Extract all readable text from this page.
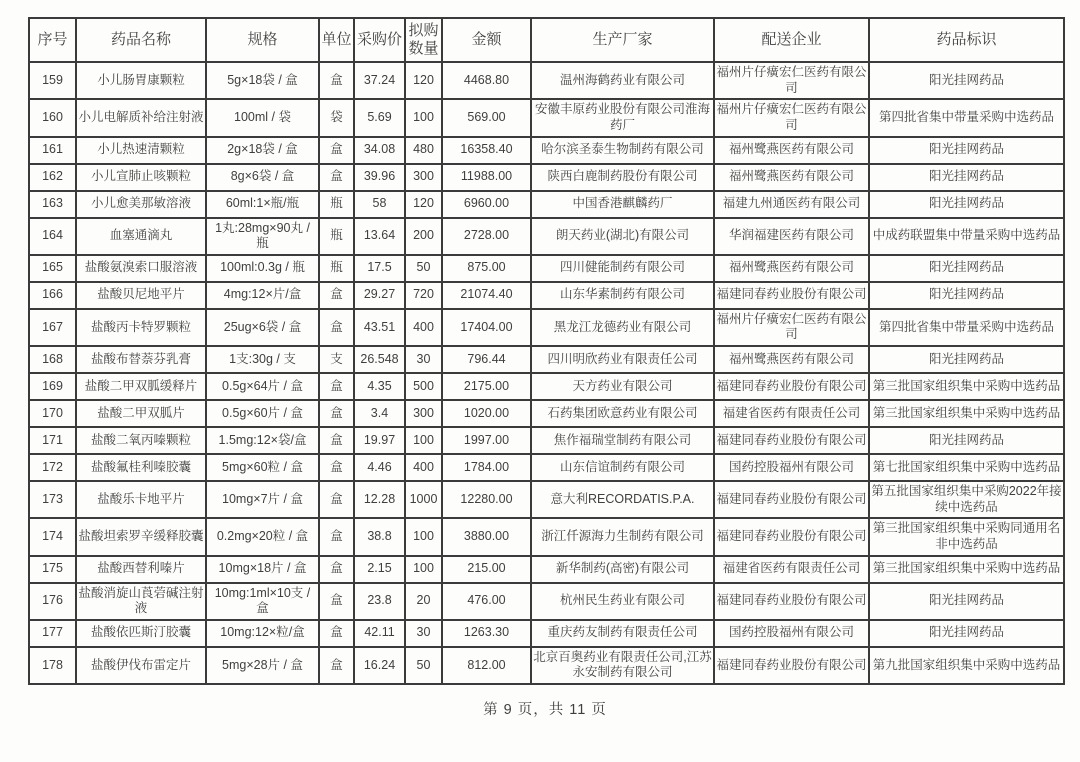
序号	药品名称	规格	单位	采购价	拟购数量	金额	生产厂家	配送企业	药品标识
159	小儿肠胃康颗粒	5g×18袋 / 盒	盒	37.24	120	4468.80	温州海鹤药业有限公司	福州片仔癀宏仁医药有限公司	阳光挂网药品
160	小儿电解质补给注射液	100ml / 袋	袋	5.69	100	569.00	安徽丰原药业股份有限公司淮海药厂	福州片仔癀宏仁医药有限公司	第四批省集中带量采购中选药品
161	小儿热速清颗粒	2g×18袋 / 盒	盒	34.08	480	16358.40	哈尔滨圣泰生物制药有限公司	福州鹭燕医药有限公司	阳光挂网药品
162	小儿宣肺止咳颗粒	8g×6袋 / 盒	盒	39.96	300	11988.00	陕西白鹿制药股份有限公司	福州鹭燕医药有限公司	阳光挂网药品
163	小儿愈美那敏溶液	60ml:1×瓶/瓶	瓶	58	120	6960.00	中国香港麒麟药厂	福建九州通医药有限公司	阳光挂网药品
164	血塞通滴丸	1丸:28mg×90丸 / 瓶	瓶	13.64	200	2728.00	朗天药业(湖北)有限公司	华润福建医药有限公司	中成药联盟集中带量采购中选药品
165	盐酸氨溴索口服溶液	100ml:0.3g / 瓶	瓶	17.5	50	875.00	四川健能制药有限公司	福州鹭燕医药有限公司	阳光挂网药品
166	盐酸贝尼地平片	4mg:12×片/盒	盒	29.27	720	21074.40	山东华素制药有限公司	福建同春药业股份有限公司	阳光挂网药品
167	盐酸丙卡特罗颗粒	25ug×6袋 / 盒	盒	43.51	400	17404.00	黑龙江龙德药业有限公司	福州片仔癀宏仁医药有限公司	第四批省集中带量采购中选药品
168	盐酸布替萘芬乳膏	1支:30g / 支	支	26.548	30	796.44	四川明欣药业有限责任公司	福州鹭燕医药有限公司	阳光挂网药品
169	盐酸二甲双胍缓释片	0.5g×64片 / 盒	盒	4.35	500	2175.00	天方药业有限公司	福建同春药业股份有限公司	第三批国家组织集中采购中选药品
170	盐酸二甲双胍片	0.5g×60片 / 盒	盒	3.4	300	1020.00	石药集团欧意药业有限公司	福建省医药有限责任公司	第三批国家组织集中采购中选药品
171	盐酸二氧丙嗪颗粒	1.5mg:12×袋/盒	盒	19.97	100	1997.00	焦作福瑞堂制药有限公司	福建同春药业股份有限公司	阳光挂网药品
172	盐酸氟桂利嗪胶囊	5mg×60粒 / 盒	盒	4.46	400	1784.00	山东信谊制药有限公司	国药控股福州有限公司	第七批国家组织集中采购中选药品
173	盐酸乐卡地平片	10mg×7片 / 盒	盒	12.28	1000	12280.00	意大利RECORDATIS.P.A.	福建同春药业股份有限公司	第五批国家组织集中采购2022年接续中选药品
174	盐酸坦索罗辛缓释胶囊	0.2mg×20粒 / 盒	盒	38.8	100	3880.00	浙江仟源海力生制药有限公司	福建同春药业股份有限公司	第三批国家组织集中采购同通用名非中选药品
175	盐酸西替利嗪片	10mg×18片 / 盒	盒	2.15	100	215.00	新华制药(高密)有限公司	福建省医药有限责任公司	第三批国家组织集中采购中选药品
176	盐酸消旋山莨菪碱注射液	10mg:1ml×10支 / 盒	盒	23.8	20	476.00	杭州民生药业有限公司	福建同春药业股份有限公司	阳光挂网药品
177	盐酸依匹斯汀胶囊	10mg:12×粒/盒	盒	42.11	30	1263.30	重庆药友制药有限责任公司	国药控股福州有限公司	阳光挂网药品
178	盐酸伊伐布雷定片	5mg×28片 / 盒	盒	16.24	50	812.00	北京百奥药业有限责任公司,江苏永安制药有限公司	福建同春药业股份有限公司	第九批国家组织集中采购中选药品
第 9 页，共 11 页
